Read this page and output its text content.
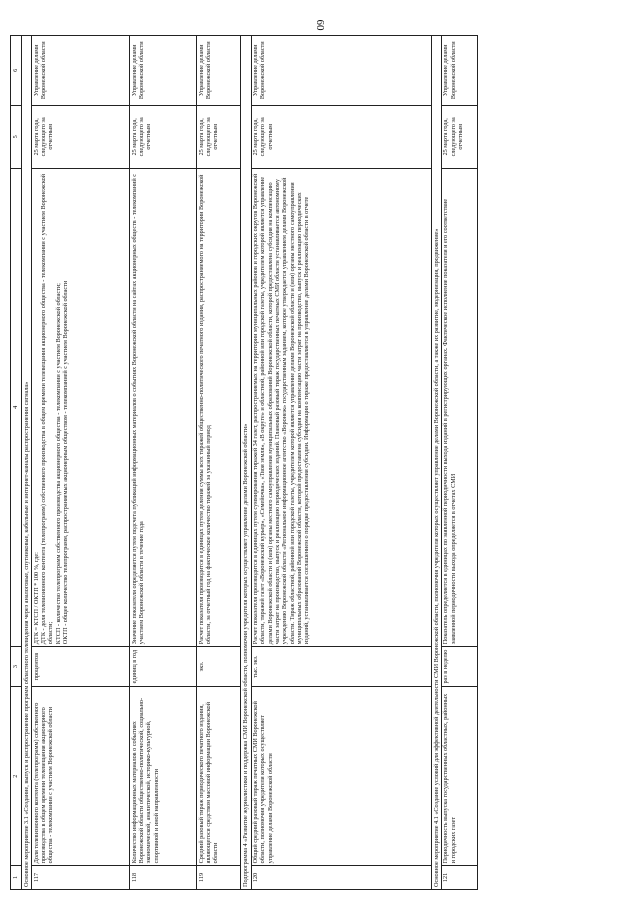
60
1	2	3	4	5	6
Основное мероприятие 3.1 «Создание, выпуск и распространение программ областного телевидения через аналоговые, спутниковые, кабельные и интернет-каналы распространения сигнала»					
117	Доля телевизионного контента (телепрограмм) собственного производства в общем времени телевещания акционерного общества - телекомпании с участием Воронежской области	процентов	ДТК = КТСП / ОКТП * 100 %, где: ДТК - доля телевизионного контента (телепрограмм) собственного производства в общем времени телевещания акционерного общества - телекомпании с участием Воронежской области; КТСП - количество телепрограмм собственного производства акционерного общества - телекомпании с участием Воронежской области; ОКТП - общее количество телепрограмм, распространяемых акционерным обществом - телекомпанией с участием Воронежской области	25 марта года, следующего за отчетным	Управление делами Воронежской области
118	Количество информационных материалов о событиях Воронежской области общественно-политической, социально-экономической, аналитической, историко-культурной, спортивной и иной направленности	единиц в год	Значение показателя определяется путем подсчета публикаций информационных материалов о событиях Воронежской области на сайтах акционерных обществ - телекомпаний с участием Воронежской области в течение года	25 марта года, следующего за отчетным	Управление делами Воронежской области
119	Средний разовый тираж периодического печатного издания, являющегося средством массовой информации Воронежской области	экз.	Расчет показателя производится в единицах путем деления суммы всех тиражей общественно-политического печатного издания, распространяемого на территории Воронежской области, за отчетный год на фактическое количество тиражей за указанный период	25 марта года, следующего за отчетным	Управление делами Воронежской области
Подпрограмма 4 «Развитие журналистики и поддержка СМИ Воронежской области, полномочия учредителя которых осуществляет управление делами Воронежской области»					
120	Общий средний разовый тираж печатных СМИ Воронежской области, полномочия учредителя которых осуществляет управление делами Воронежской области	тыс. экз.	Расчет показателя производится в единицах путем суммирования тиражей 34 газет, распространяемых на территории муниципальных районов и городских округов Воронежской области, тиражей газет «Воронежский курьер», «Семейочка», «Твоя земля», «В округе» и областной, районной или городской газеты, учредителем которой является управление делами Воронежской области и (или) органы местного самоуправления муниципальных образований Воронежской области, которой предоставлена субсидия на компенсацию части затрат на производство, выпуск и реализацию периодических изданий. Плановый разовый тираж государственных печатных СМИ области устанавливается автономному учреждению Воронежской области «Региональное информационное агентство «Воронеж» государственным заданием, которое утверждается управлением делами Воронежской области. Тираж областной, районной или городской газеты, учредителем которой является управление делами Воронежской области и (или) органы местного самоуправления муниципальных образований Воронежской области, которой предоставлена субсидия на компенсацию части затрат на производство, выпуск и реализацию периодических изданий, устанавливается соглашением о порядке предоставления субсидии. Информация о тираже предоставляется в управление делами Воронежской области в отчете	25 марта года, следующего за отчетным	Управление делами Воронежской области
Основное мероприятие 4.1 «Создание условий для эффективной деятельности СМИ Воронежской области, полномочия учредителя которых осуществляет управление делами Воронежской области, а также их развитие, модернизация, продвижение»					
121	Периодичность выпуска государственных областных, районных и городских газет	раз в неделю	Показатель определяется в единицах по заявленной периодичности выхода изданий в регистрирующих органах. Фактическое исполнение показателя и его соответствие заявленной периодичности выхода определяется в отчетах СМИ	25 марта года, следующего за отчетным	Управление делами Воронежской области
